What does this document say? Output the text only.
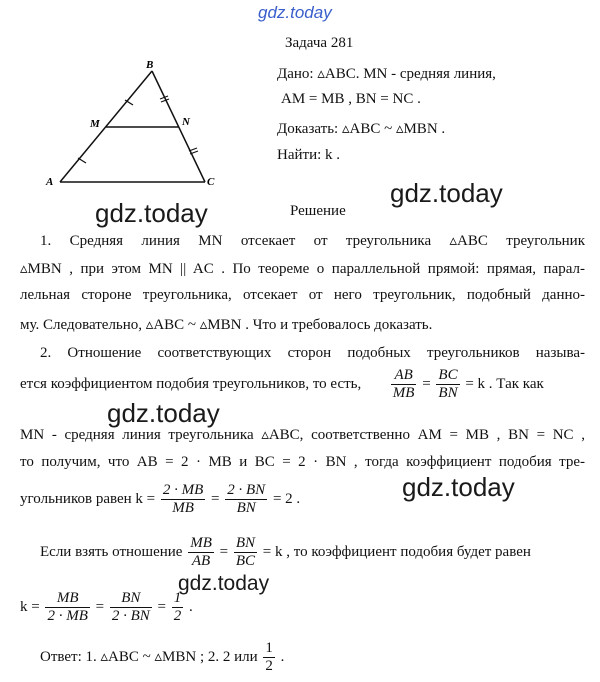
gdz.today
B
M	N
A	C
Задача 281
Дано: ▵ABC. MN - средняя линия,
AM = MB , BN = NC .
Доказать: ▵ABC ~ ▵MBN .
Найти: k .
gdz.today
gdz.today	Решение
1. Средняя линия MN отсекает от треугольника ▵ABC треугольник
▵MBN , при этом MN || AC . По теореме о параллельной прямой: прямая, парал-
лельная стороне треугольника, отсекает от него треугольник, подобный данно-
му. Следовательно, ▵ABC ~ ▵MBN . Что и требовалось доказать.
2. Отношение соответствующих сторон подобных треугольников называ-
ется коэффициентом подобия треугольников, то есть, $\frac{AB}{MB} = \frac{BC}{BN} = k$ . Так как
gdz.today
MN - средняя линия треугольника ▵ABC, соответственно AM = MB , BN = NC ,
то получим, что AB = 2 · MB и BC = 2 · BN , тогда коэффициент подобия тре-
gdz.today
угольников равен $k = \frac{2 \cdot MB}{MB} = \frac{2 \cdot BN}{BN} = 2$ .
Если взять отношение $\frac{MB}{AB} = \frac{BN}{BC} = k$ , то коэффициент подобия будет равен
gdz.today
$k = \frac{MB}{2 \cdot MB} = \frac{BN}{2 \cdot BN} = \frac{1}{2}$ .
Ответ: 1. ▵ABC ~ ▵MBN ; 2. 2 или $\frac{1}{2}$ .
